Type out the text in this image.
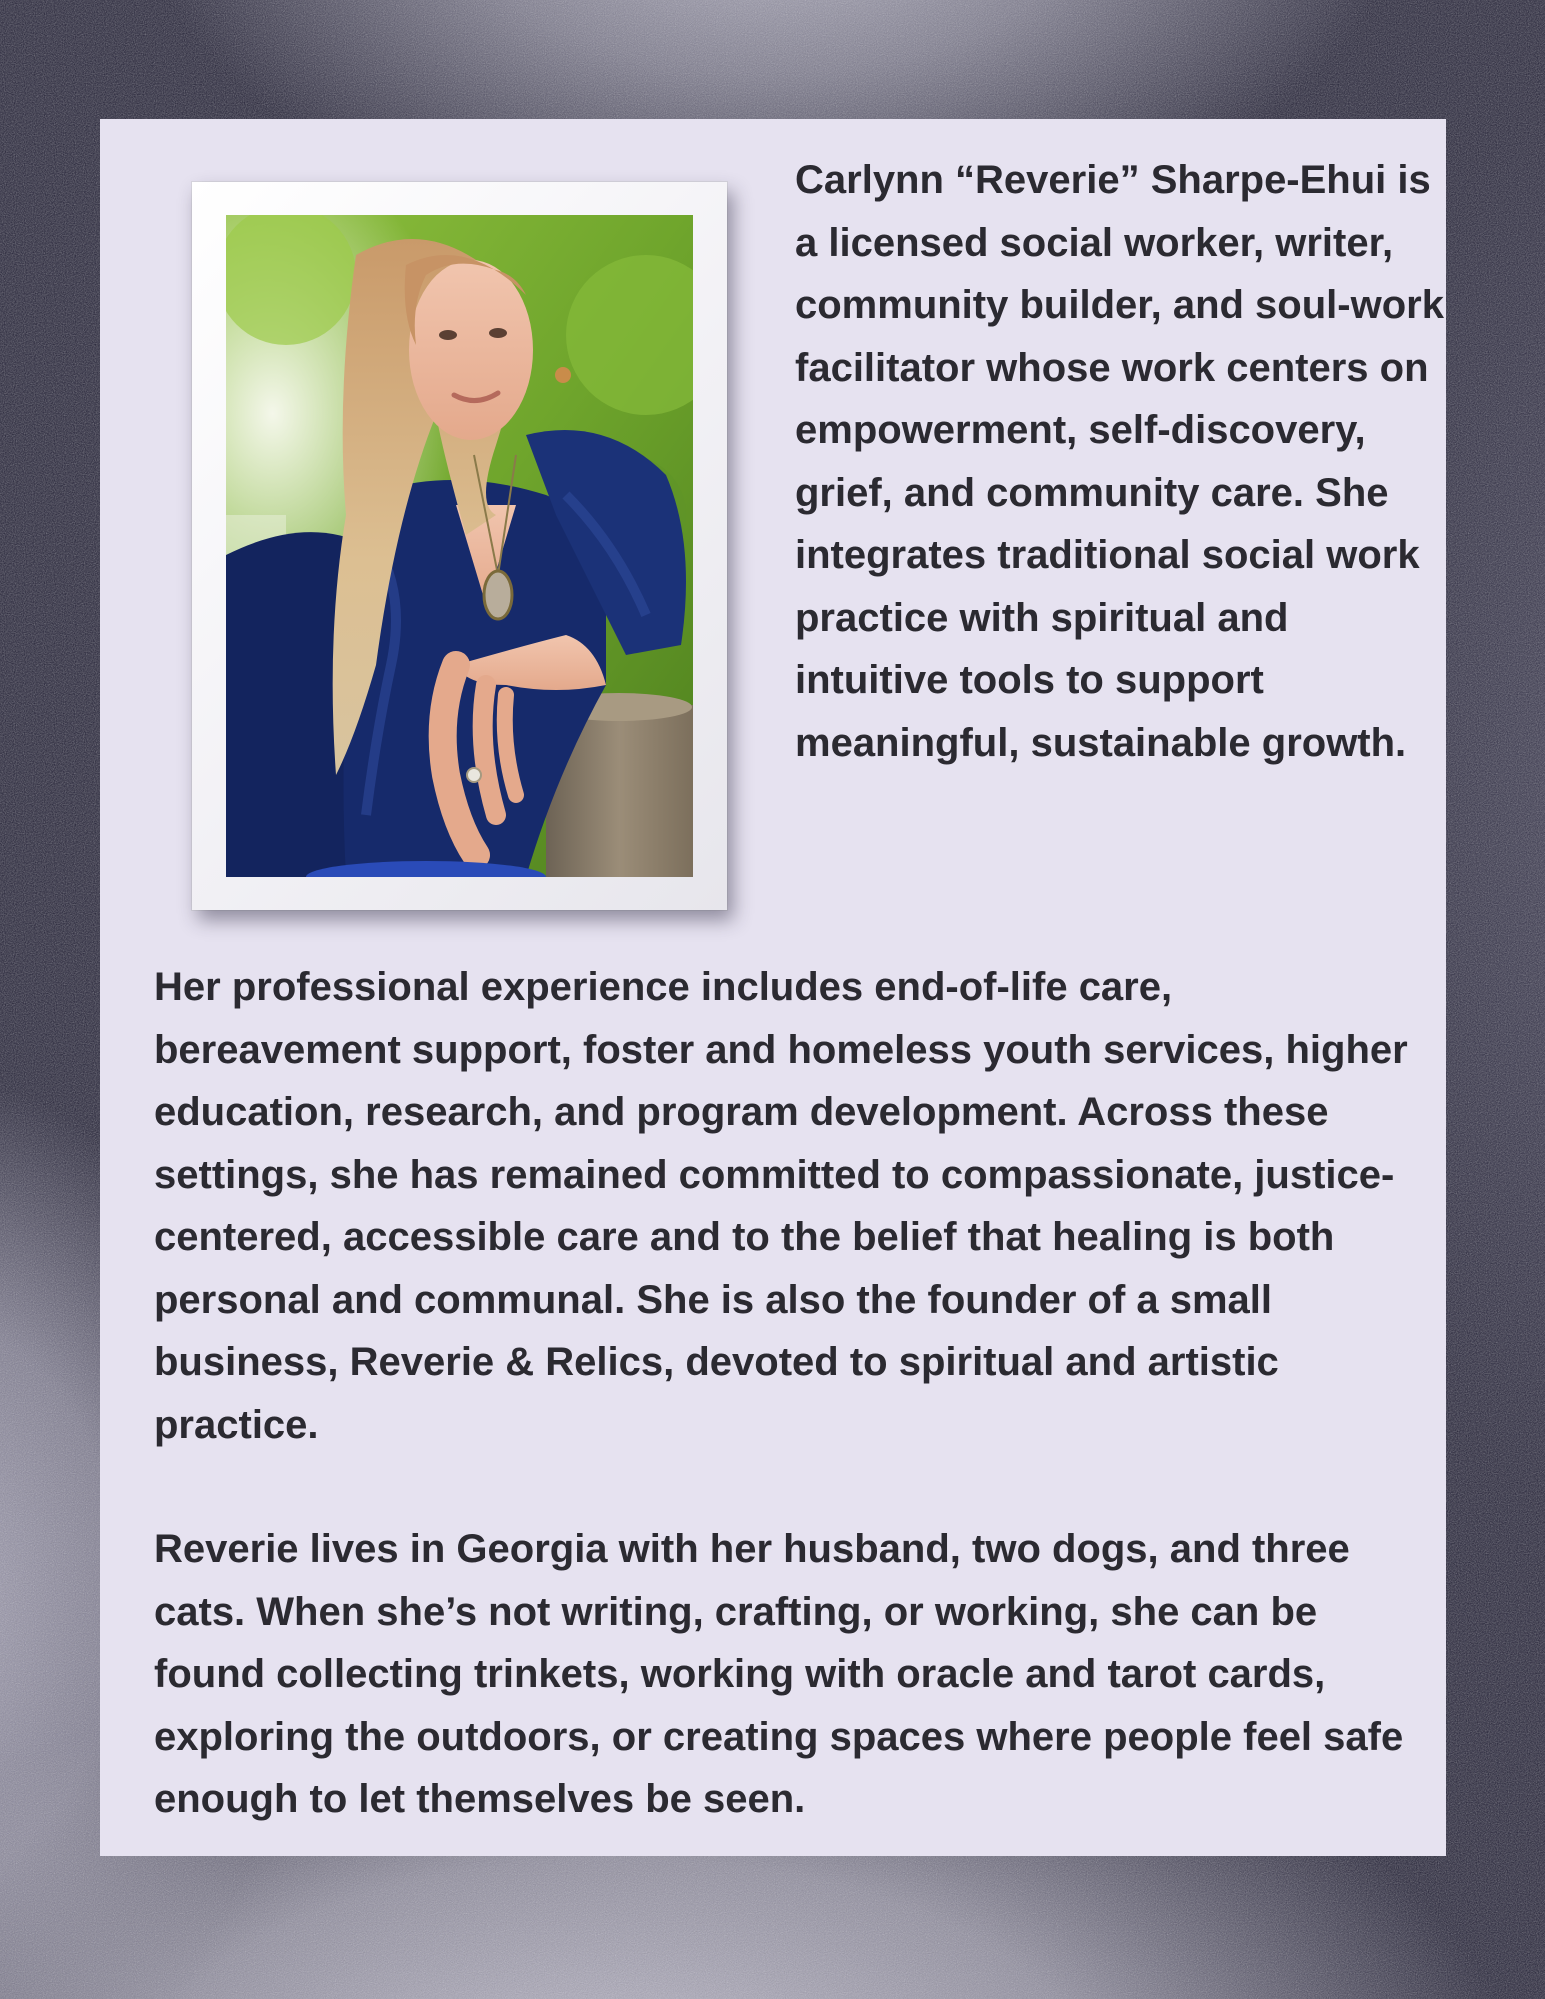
Carlynn “Reverie” Sharpe-Ehui is a licensed social worker, writer, community builder, and soul-work facilitator whose work centers on empowerment, self-discovery, grief, and community care. She integrates traditional social work practice with spiritual and intuitive tools to support meaningful, sustainable growth.

Her professional experience includes end-of-life care, bereavement support, foster and homeless youth services, higher education, research, and program development. Across these settings, she has remained committed to compassionate, justice-centered, accessible care and to the belief that healing is both personal and communal. She is also the founder of a small business, Reverie & Relics, devoted to spiritual and artistic practice.

Reverie lives in Georgia with her husband, two dogs, and three cats. When she’s not writing, crafting, or working, she can be found collecting trinkets, working with oracle and tarot cards, exploring the outdoors, or creating spaces where people feel safe enough to let themselves be seen.
